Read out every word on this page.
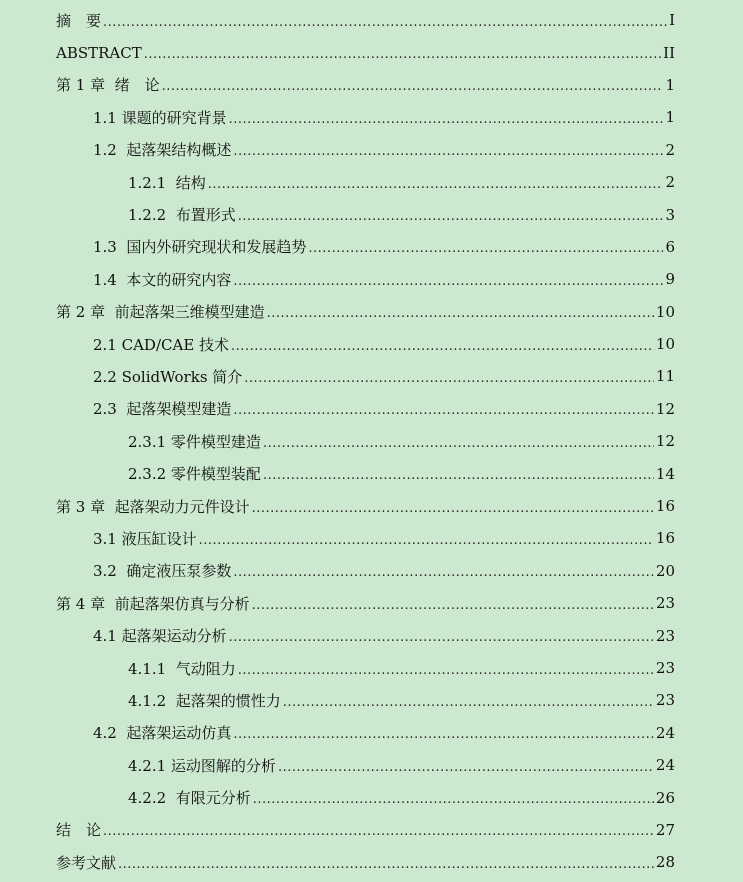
摘　要 .....	I
ABSTRACT .....	II
第 1 章  绪　论 .....	1
1.1 课题的研究背景 .....	1
1.2  起落架结构概述 .....	2
1.2.1  结构 .....	2
1.2.2  布置形式 .....	3
1.3  国内外研究现状和发展趋势 .....	6
1.4  本文的研究内容 .....	9
第 2 章  前起落架三维模型建造 .....	10
2.1 CAD/CAE 技术 .....	10
2.2 SolidWorks 简介 .....	11
2.3  起落架模型建造 .....	12
2.3.1 零件模型建造 .....	12
2.3.2 零件模型装配 .....	14
第 3 章  起落架动力元件设计 .....	16
3.1 液压缸设计 .....	16
3.2  确定液压泵参数 .....	20
第 4 章  前起落架仿真与分析 .....	23
4.1 起落架运动分析 .....	23
4.1.1  气动阻力 .....	23
4.1.2  起落架的惯性力 .....	23
4.2  起落架运动仿真 .....	24
4.2.1 运动图解的分析 .....	24
4.2.2  有限元分析 .....	26
结　论 .....	27
参考文献 .....	28
